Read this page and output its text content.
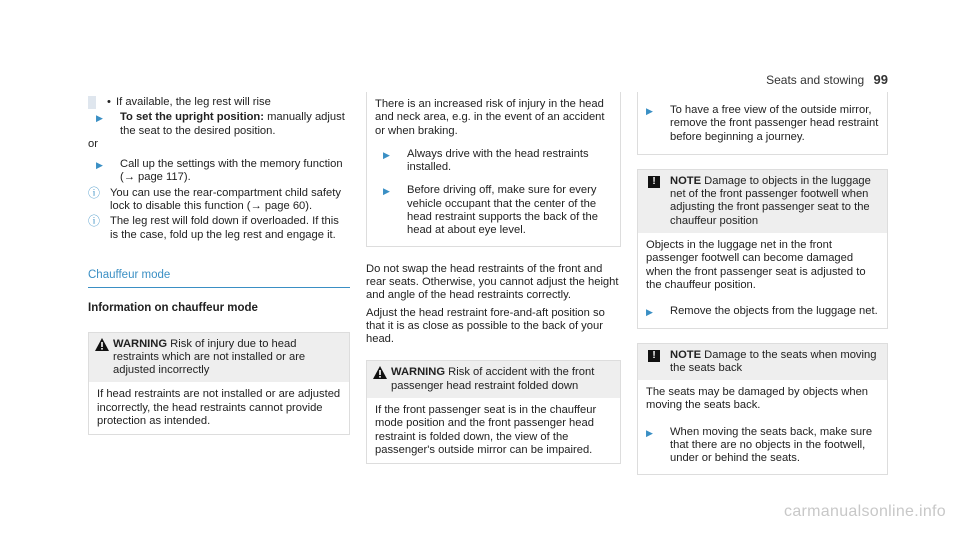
Seats and stowing 99
• If available, the leg rest will rise
▶	To set the upright position: manually adjust the seat to the desired position.
or
▶	Call up the settings with the memory function (→ page 117).
ⓘ You can use the rear-compartment child safety lock to disable this function (→ page 60).
ⓘ The leg rest will fold down if overloaded. If this is the case, fold up the leg rest and engage it.
Chauffeur mode
Information on chauffeur mode
WARNING Risk of injury due to head restraints which are not installed or are adjusted incorrectly
If head restraints are not installed or are adjusted incorrectly, the head restraints cannot provide protection as intended.
There is an increased risk of injury in the head and neck area, e.g. in the event of an accident or when braking.
▶	Always drive with the head restraints installed.
▶	Before driving off, make sure for every vehicle occupant that the center of the head restraint supports the back of the head at about eye level.
Do not swap the head restraints of the front and rear seats. Otherwise, you cannot adjust the height and angle of the head restraints correctly.
Adjust the head restraint fore-and-aft position so that it is as close as possible to the back of your head.
WARNING Risk of accident with the front passenger head restraint folded down
If the front passenger seat is in the chauffeur mode position and the front passenger head restraint is folded down, the view of the passenger's outside mirror can be impaired.
▶	To have a free view of the outside mirror, remove the front passenger head restraint before beginning a journey.
!	NOTE Damage to objects in the luggage net of the front passenger footwell when adjusting the front passenger seat to the chauffeur position
Objects in the luggage net in the front passenger footwell can become damaged when the front passenger seat is adjusted to the chauffeur position.
▶	Remove the objects from the luggage net.
!	NOTE Damage to the seats when moving the seats back
The seats may be damaged by objects when moving the seats back.
▶	When moving the seats back, make sure that there are no objects in the footwell, under or behind the seats.
carmanualsonline.info
